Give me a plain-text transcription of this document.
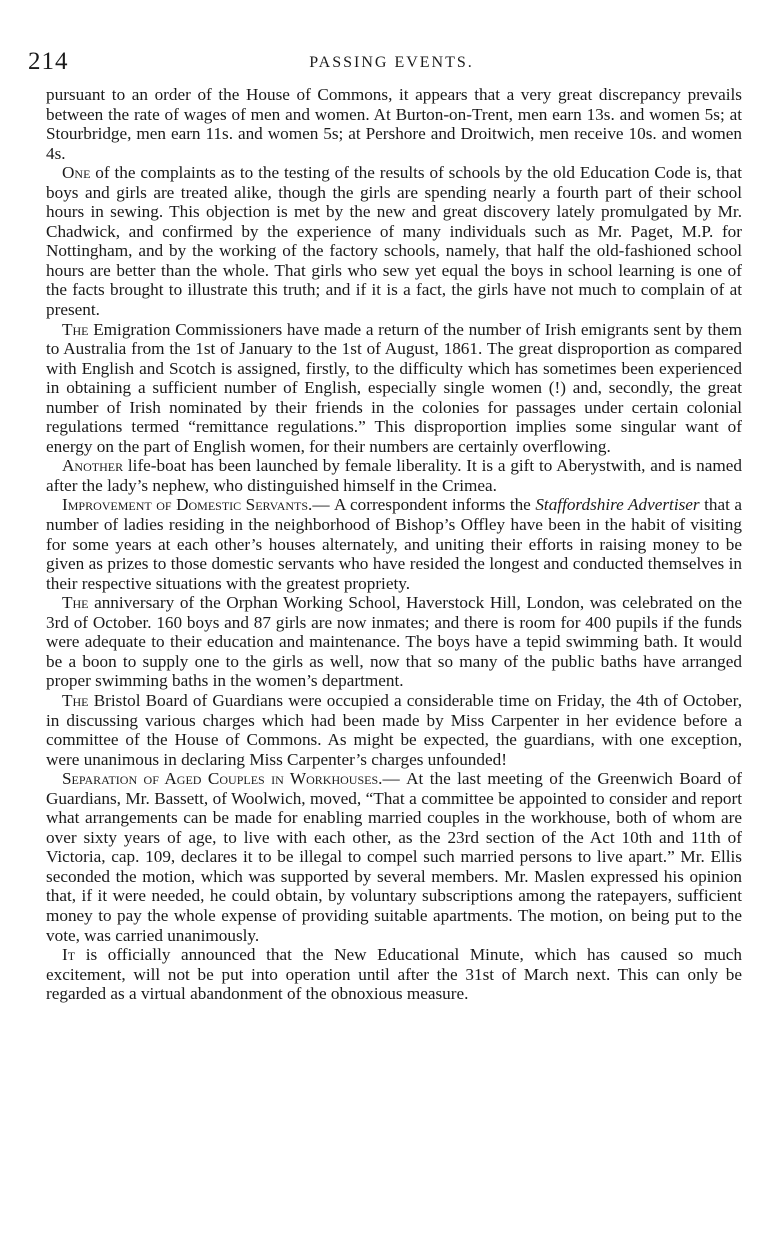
214	PASSING EVENTS.

pursuant to an order of the House of Commons, it appears that a very great discrepancy prevails between the rate of wages of men and women. At Burton-on-Trent, men earn 13s. and women 5s; at Stourbridge, men earn 11s. and women 5s; at Pershore and Droitwich, men receive 10s. and women 4s.

One of the complaints as to the testing of the results of schools by the old Education Code is, that boys and girls are treated alike, though the girls are spending nearly a fourth part of their school hours in sewing. This objection is met by the new and great discovery lately promulgated by Mr. Chadwick, and confirmed by the experience of many individuals such as Mr. Paget, M.P. for Nottingham, and by the working of the factory schools, namely, that half the old-fashioned school hours are better than the whole. That girls who sew yet equal the boys in school learning is one of the facts brought to illustrate this truth; and if it is a fact, the girls have not much to complain of at present.

The Emigration Commissioners have made a return of the number of Irish emigrants sent by them to Australia from the 1st of January to the 1st of August, 1861. The great disproportion as compared with English and Scotch is assigned, firstly, to the difficulty which has sometimes been experienced in obtaining a sufficient number of English, especially single women (!) and, secondly, the great number of Irish nominated by their friends in the colonies for passages under certain colonial regulations termed “remittance regulations.” This disproportion implies some singular want of energy on the part of English women, for their numbers are certainly overflowing.

Another life-boat has been launched by female liberality. It is a gift to Aberystwith, and is named after the lady’s nephew, who distinguished himself in the Crimea.

Improvement of Domestic Servants.— A correspondent informs the Staffordshire Advertiser that a number of ladies residing in the neighborhood of Bishop’s Offley have been in the habit of visiting for some years at each other’s houses alternately, and uniting their efforts in raising money to be given as prizes to those domestic servants who have resided the longest and conducted themselves in their respective situations with the greatest propriety.

The anniversary of the Orphan Working School, Haverstock Hill, London, was celebrated on the 3rd of October. 160 boys and 87 girls are now inmates; and there is room for 400 pupils if the funds were adequate to their education and maintenance. The boys have a tepid swimming bath. It would be a boon to supply one to the girls as well, now that so many of the public baths have arranged proper swimming baths in the women’s department.

The Bristol Board of Guardians were occupied a considerable time on Friday, the 4th of October, in discussing various charges which had been made by Miss Carpenter in her evidence before a committee of the House of Commons. As might be expected, the guardians, with one exception, were unanimous in declaring Miss Carpenter’s charges unfounded!

Separation of Aged Couples in Workhouses.— At the last meeting of the Greenwich Board of Guardians, Mr. Bassett, of Woolwich, moved, “That a committee be appointed to consider and report what arrangements can be made for enabling married couples in the workhouse, both of whom are over sixty years of age, to live with each other, as the 23rd section of the Act 10th and 11th of Victoria, cap. 109, declares it to be illegal to compel such married persons to live apart.” Mr. Ellis seconded the motion, which was supported by several members. Mr. Maslen expressed his opinion that, if it were needed, he could obtain, by voluntary subscriptions among the ratepayers, sufficient money to pay the whole expense of providing suitable apartments. The motion, on being put to the vote, was carried unanimously.

It is officially announced that the New Educational Minute, which has caused so much excitement, will not be put into operation until after the 31st of March next. This can only be regarded as a virtual abandonment of the obnoxious measure.
